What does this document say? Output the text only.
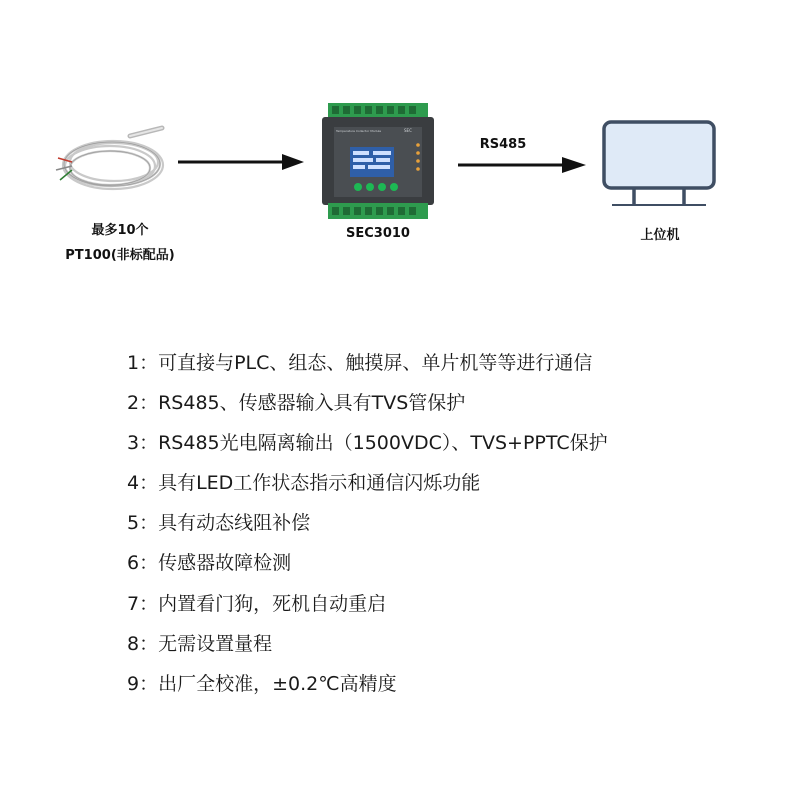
最多10个
PT100(非标配品)
Temperature Collector Module	SEC
SEC3010
RS485
上位机
1：可直接与PLC、组态、触摸屏、单片机等等进行通信
2：RS485、传感器输入具有TVS管保护
3：RS485光电隔离输出（1500VDC）、TVS+PPTC保护
4：具有LED工作状态指示和通信闪烁功能
5：具有动态线阻补偿
6：传感器故障检测
7：内置看门狗，死机自动重启
8：无需设置量程
9：出厂全校准，±0.2℃高精度
